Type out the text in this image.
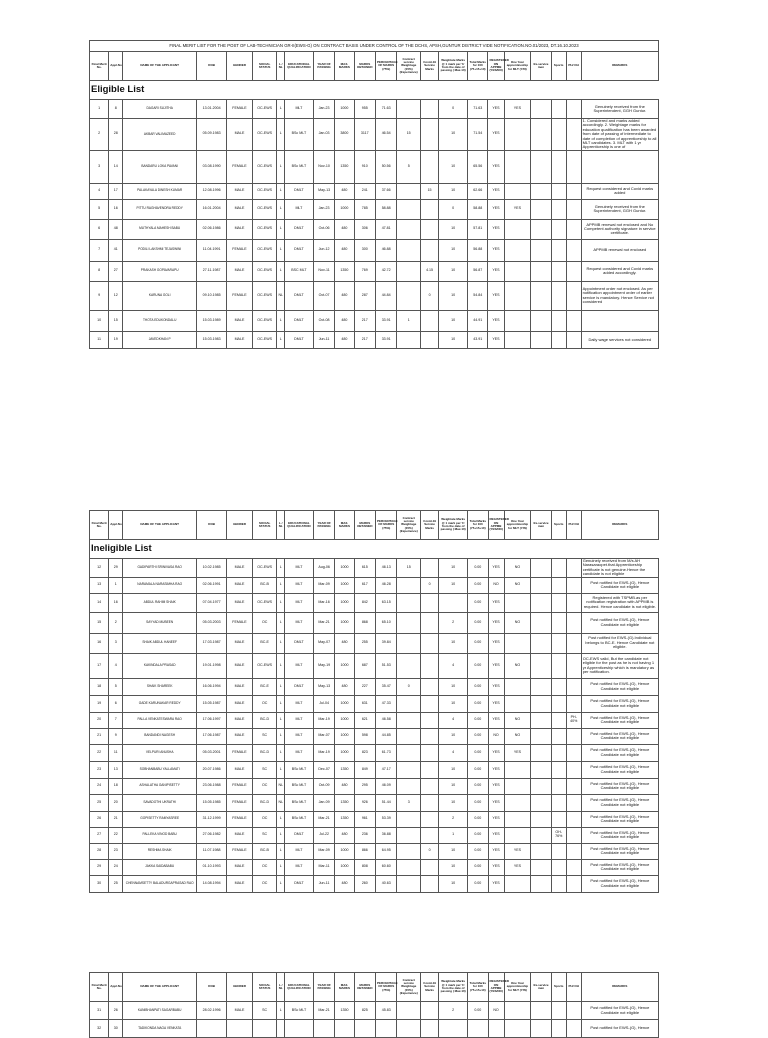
FINAL MERIT LIST FOR THE POST OF LAB-TECHNICIAN GR-II(EWS-G) ON CONTRACT BASIS UNDER CONTROL OF THE DCHS, APSH,GUNTUR DISTRICT VIDE NOTIFICATION.NO.01/2023, DT.16.10.2023																					
Final Merit No.	Appl.No	NAME OF THE APPLICANT	DOB	GENDER	SOCIAL STATUS	L / NL	EDUCATIONAL QUALIFICATION	YEAR OF PASSING	MAX. MARKS	MARKS OBTAINED	PERCENTAGE OF MARKS (75%)	Contract service Weightage (15%)(Experience)	Covid-19 Service Marks	Weightate Marks @ 1 mark per Yr from the date of passing ( Max.10)	Total Marks for 100 (75+15+10)	REGISTERED ON APPMB (YES/NO)	One Year apprenticeship for MLT (Y/N)	Ex-service men	Sports	PH/ OH	REMARKS
Eligible List																					
1	8	DAGARI SUJITHA	13.01.2004	FEMALE	OC-EWS	L	MLT	Jan-23	1000	955	71.63			0	71.63	YES	YES				Genuinely received from the Superintendent, GGH Guntur.
2	28	AKBAR VALIMAZEED	05.09.1983	MALE	OC-EWS	L	BSc MLT	Jan-03	3800	3117	46.54	15		10	71.54	YES					1. Considered and marks added accordingly. 2. Weightage marks for education qualification has been awarded from date of passing of intermediate to date of completion of apprenticeship to all MLT candidates. 3. MLT with 1 yr Apprenticeship is one of
3	14	BANDARU LOKA PAVANI	03.08.1990	FEMALE	OC-EWS	L	BSc MLT	Nov-10	1350	910	50.56	5		10	65.56	YES					
4	17	PALAKAYALA DINESH KUMAR	12.08.1996	MALE	OC-EWS	L	DMLT	May-13	480	241	37.66		15	10	62.66	YES					Request considered and Covid marks added
5	16	PITTU RAGHAVENDRA REDDY	16.01.2004	MALE	OC-EWS	L	MLT	Jan-23	1000	785	58.88			0	58.88	YES	YES				Genuinely received from the Superintendent, GGH Guntur.
6	48	MUTHYALA MAHESH BABU	02.06.1986	MALE	OC-EWS	L	DMLT	Oct-06	480	306	47.81			10	57.81	YES					APPMB renewal not enclosed and No Competent authority signature in service certificate.
7	41	PODILI LAKSHMI TEJASWINI	11.04.1991	FEMALE	OC-EWS	L	DMLT	Jun-12	480	300	46.88			10	56.88	YES					APPMB renewal not enclosed
8	27	PRAKASH GOPAVARAPU	27.11.1987	MALE	OC-EWS	L	BSC MLT	Nov-11	1350	769	42.72		4.15	10	56.87	YES					Request considered and Covid marks added accordingly.
9	12	KARUNA GOLI	09.10.1985	FEMALE	OC-EWS	NL	DMLT	Oct-07	480	287	44.84		0	10	54.84	YES					Appointment order not enclosed. As per notification appointment order of earlier service is mandatory. Hence Service not considered
10	15	THOTA EDUKONDALU	15.03.1989	MALE	OC-EWS	L	DMLT	Oct-08	480	217	33.91	1		10	44.91	YES					
11	19	JAVEDKHAN P	15.03.1983	MALE	OC-EWS	L	DMLT	Jun-11	480	217	33.91			10	43.91	YES					Daily wage services not considered
Final Merit No.	Appl.No	NAME OF THE APPLICANT	DOB	GENDER	SOCIAL STATUS	L / NL	EDUCATIONAL QUALIFICATION	YEAR OF PASSING	MAX. MARKS	MARKS OBTAINED	PERCENTAGE OF MARKS (75%)	Contract service Weightage (15%)(Experience)	Covid-19 Service Marks	Weightate Marks @ 1 mark per Yr from the date of passing ( Max.10)	Total Marks for 100 (75+15+10)	REGISTERED ON APPMB (YES/NO)	One Year apprenticeship for MLT (Y/N)	Ex-service men	Sports	PH/ OH	REMARKS
Ineligible List																					
12	29	GADIPARTHI SRINIVASA RAO	10.02.1985	MALE	OC-EWS	L	MLT	Aug-06	1000	615	46.13	15		10	0.00	YES	NO				Genuinely received from M/s AH Narasaraopet.that Apprenticeship certificate is not genuine.Hence the candidate is not eligible
13	1	NARAMALA NARASIMHA RAO	02.06.1991	MALE	BC-B	L	MLT	Mar-09	1000	617	46.28		0	10	0.00	NO	NO				Post notified for EWS-(G), Hence Candidate not eligible
14	16	ABDUL RAHIM SHAIK	07.04.1977	MALE	OC-EWS	L	MLT	Mar-16	1000	842	63.15				0.00	YES					Registered with TSPMB.as per notification registration with APPMB is required. Hence candidate is not eligible.
15	2	SAYYAD MUBEEN	05.03.2003	FEMALE	OC	L	MLT	Mar-21	1000	868	65.10			2	0.00	YES	NO				Post notified for EWS-(G), Hence Candidate not eligible
16	3	SHAIK ABDUL HANEEF	17.03.1987	MALE	BC-E	L	DMLT	May-07	480	255	39.84			10	0.00	YES					Post notified for EWS-(G).Individual belongs to BC-E. Hence Candidate not eligible.
17	4	KAKINDALA PRASAD	19.01.1998	MALE	OC-EWS	L	MLT	May-19	1000	687	51.53			4	0.00	YES	NO				OC-EWS valid, But the candidate not eligible for the post as he is not having 1 yr Apprenticeship which is mandatory as per notification.
18	5	SHAIK SHAREEK	16.06.1994	MALE	BC-E	L	DMLT	May-13	480	227	35.47	0		10	0.00	YES					Post notified for EWS-(G), Hence Candidate not eligible
19	6	GADE KARUNAKAR REDDY	15.05.1987	MALE	OC	L	MLT	Jul-04	1000	631	47.33			10	0.00	YES					Post notified for EWS-(G), Hence Candidate not eligible
20	7	PALLA VENKATESWARA RAO	17.06.1997	MALE	BC-D	L	MLT	Mar-19	1000	621	46.58			4	0.00	YES	NO			PH-40%	Post notified for EWS-(G), Hence Candidate not eligible
21	9	BANDANDI NAGESH	17.06.1987	MALE	SC	L	MLT	Mar-07	1000	598	44.85			10	0.00	NO	NO				Post notified for EWS-(G), Hence Candidate not eligible
22	11	VELPURI ANUSHA	05.03.2001	FEMALE	BC-D	L	MLT	Mar-19	1000	823	61.73			4	0.00	YES	YES				Post notified for EWS-(G), Hence Candidate not eligible
23	13	SOBHANBABU YALLAMATI	20.07.1986	MALE	SC	L	BSc MLT	Dec-07	1350	849	47.17			10	0.00	YES					Post notified for EWS-(G), Hence Candidate not eligible
24	18	ASHALATHA GANIPISETTY	23.06.1988	FEMALE	OC	NL	BSc MLT	Oct-09	480	295	46.09			10	0.00	YES					Post notified for EWS-(G), Hence Candidate not eligible
25	20	SAVADOTHI UKRATHI	15.05.1985	FEMALE	BC-D	NL	BSc MLT	Jan-09	1350	926	51.44	3		10	0.00	YES					Post notified for EWS-(G), Hence Candidate not eligible
26	21	GOPISETTY RAMYASREE	31.12.1999	FEMALE	OC	L	BSc MLT	Mar-21	1350	961	53.39			2	0.00	YES					Post notified for EWS-(G), Hence Candidate not eligible
27	22	PALLEKA VINOD BABU	27.06.1982	MALE	SC	L	DMLT	Jul-22	480	236	36.88			1	0.00	YES			OH-76%		Post notified for EWS-(G), Hence Candidate not eligible
28	23	RESHMA SHAIK	11.07.1988	FEMALE	BC-B	L	MLT	Mar-09	1000	866	64.95		0	10	0.00	YES	YES				Post notified for EWS-(G), Hence Candidate not eligible
29	24	JAKKA SAIDABABU	01.10.1993	MALE	OC	L	MLT	Mar-11	1000	808	60.60			10	0.00	YES	YES				Post notified for EWS-(G), Hence Candidate not eligible
30	25	CHENNAMSETTY BALADURGAPRASAD RAO	14.08.1994	MALE	OC	L	DMLT	Jun-11	480	260	40.63			10	0.00	YES					Post notified for EWS-(G), Hence Candidate not eligible
Final Merit No.	Appl.No	NAME OF THE APPLICANT	DOB	GENDER	SOCIAL STATUS	L / NL	EDUCATIONAL QUALIFICATION	YEAR OF PASSING	MAX. MARKS	MARKS OBTAINED	PERCENTAGE OF MARKS (75%)	Contract service Weightage (15%)(Experience)	Covid-19 Service Marks	Weightate Marks @ 1 mark per Yr from the date of passing ( Max.10)	Total Marks for 100 (75+15+10)	REGISTERED ON APPMB (YES/NO)	One Year apprenticeship for MLT (Y/N)	Ex-service men	Sports	PH/ OH	REMARKS
31	26	KANIBHANPATI SAGARBABU	28.02.1996	MALE	SC	L	BSc MLT	Mar-21	1350	825	45.83			2	0.00	NO					Post notified for EWS-(G), Hence Candidate not eligible
32	30	TADIKONDA NAGA VENKATA																			Post notified for EWS-(G), Hence
